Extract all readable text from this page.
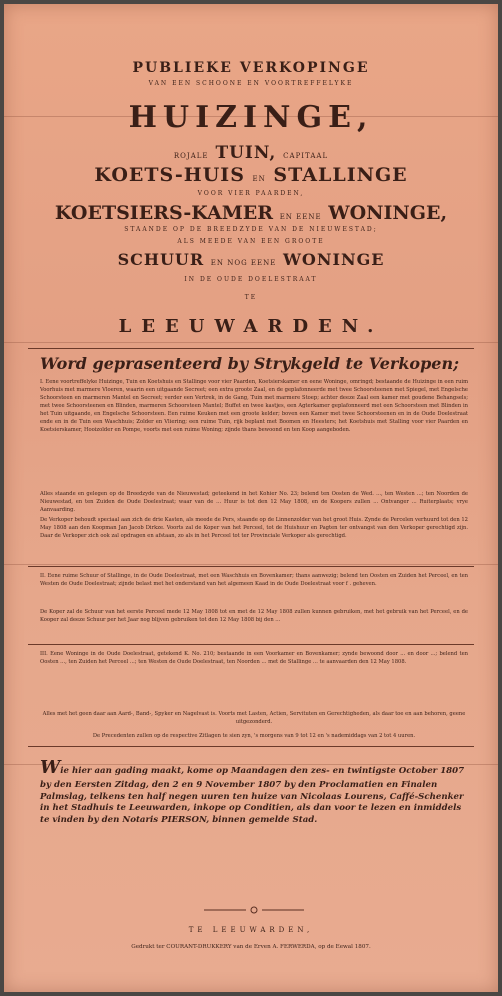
PUBLIEKE VERKOPINGE
VAN EEN SCHOONE EN VOORTREFFELYKE
HUIZINGE,
ROJALE TUIN, CAPITAAL
KOETS-HUIS EN STALLINGE
VOOR VIER PAARDEN,
KOETSIERS-KAMER EN EENE WONINGE,
STAANDE OP DE BREEDZYDE VAN DE NIEUWESTAD;
ALS MEEDE VAN EEN GROOTE
SCHUUR EN NOG EENE WONINGE
IN DE OUDE DOELESTRAAT
TE
LEEUWARDEN.
Word geprasenteerd by Strykgeld te Verkopen;
I. Eene voortreffelyke Huizinge, Tuin en Koetshuis en Stallinge voor vier Paarden, Koetsierskamer en eene Woninge, omringd; bestaande de Huizinge in een ruim Voorhuis met marmere Vloeren, waarin een uitgaande Secreet; een extra groote Zaal, en de geplafonneerde met twee Schoorsteenen met Spiegel, met Engelsche Schoorsteen en marmeren Mantel en Secreet; verder een Vertrek, in de Gang, Tuin met marmere Stoep; achter deeze Zaal een kamer met goudene Behangsels; met twee Schoorsteenen en Blinden, marmeren Schoorsteen Mantel; Buffet en twee kastjes, een Agterkamer geplafonneerd met een Schoorsteen met Blinden in het Tuin uitgaande, en Engelsche Schoorsteen. Een ruime Keuken met een groote kelder; boven een Kamer met twee Schoorsteenen en in de Oude Doelestraat ende en in de Tuin een Waschhuis; Zolder en Vliering; een ruime Tuin, rijk beplant met Boomen en Heesters; het Koetshuis met Stalling voor vier Paarden en Koetsierskamer, Hooizolder en Pompe, voorts met een ruime Woning; zijnde thans bewoond en ten Koop aangeboden.
Alles staande en gelegen op de Breedzyde van de Nieuwestad; geteekend in het Kohier No. 23; belend ten Oosten de Wed. ..., ten Westen ...; ten Noorden de Nieuwestad, en ten Zuiden de Oude Doelestraat; waar van de ... Huur is tot den 12 May 1808, en de Koopers zullen ... Ontvanger ... Ruiterplaats; vrye Aanvaarding.
De Verkoper behoudt speciaal aan zich de drie Kasten, als meede de Pers, staande op de Linnenzolder van het groot Huis. Zynde de Percelen verhuurd tot den 12 May 1808 aan den Koopman Jan Jacob Dirkze. Voorts zal de Koper van het Perceel, tot de Huishuur en Pagten ter ontvangst van den Verkoper gerechtigd zijn. Daar de Verkoper zich ook zal opdragen en afstaan, zo als in het Perceel tot ter Provinciale Verkoper als gerechtigd.
II. Eene ruime Schuur of Stallinge, in de Oude Doelestraat, met een Waschhuis en Bovenkamer; thans aanwezig; belend ten Oosten en Zuiden het Perceel, en ten Westen de Oude Doelestraat; zijnde belast met het onderstand van het algemeen Kaad in de Oude Doelestraat voor f . geheven.
De Koper zal de Schuur van het eerste Perceel mede 12 May 1808 tot en met de 12 May 1808 zullen kunnen gebruiken, met het gebruik van het Perceel, en de Kooper zal deeze Schuur per het Jaar nog blijven gebruiken tot den 12 May 1808 bij den ...
III. Eene Woninge in de Oude Doelestraat, getekend K. No. 210; bestaande in een Voorkamer en Bovenkamer; zynde bewoond door ... en door ...; belend ten Oosten ..., ten Zuiden het Perceel ...; ten Westen de Oude Doelestraat, ten Noorden ... met de Stallinge ... te aanvaarden den 12 May 1808.
Alles met het geen daar aan Aard-, Band-, Spyker en Nagelvast is. Voorts met Lasten, Actien, Servituten en Gerechtigheden, als daar toe en aan behoren, geene uitgezonderd.
De Precedenten zullen op de respective Zitlagen te sien zyn, 's morgens van 9 tot 12 en 's nademiddags van 2 tot 4 uuren.
Wie hier aan gading maakt, kome op Maandagen den zes- en twintigste October 1807 by den Eersten Zitdag, den 2 en 9 November 1807 by den Proclamatien en Finalen Palmslag, telkens ten half negen uuren ten huize van Nicolaas Lourens, Caffé-Schenker in het Stadhuis te Leeuwarden, inkope op Conditien, als dan voor te lezen en inmiddels te vinden by den Notaris PIERSON, binnen gemelde Stad.
TE LEEUWARDEN,
Gedrukt ter COURANT-DRUKKERY van de Erven A. FERWERDA, op de Eewal 1807.
